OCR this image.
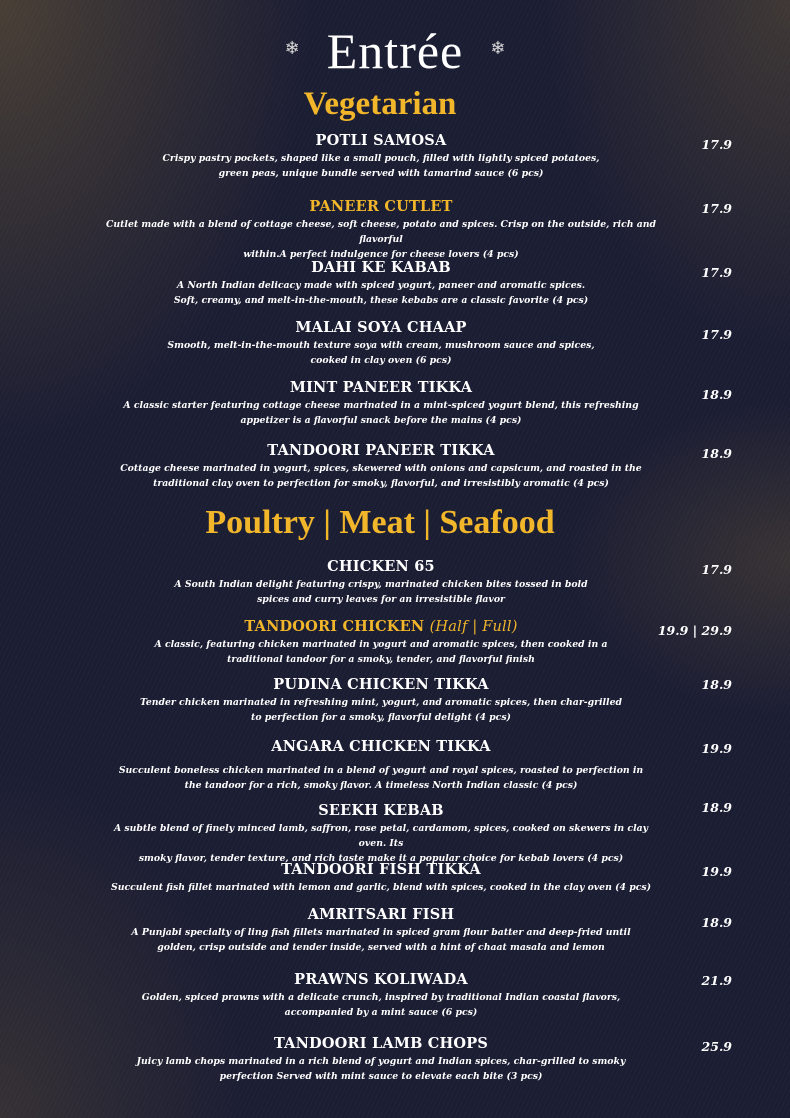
❄ Entrée ❄
Vegetarian
POTLI SAMOSA
Crispy pastry pockets, shaped like a small pouch, filled with lightly spiced potatoes,
green peas, unique bundle served with tamarind sauce (6 pcs)
17.9
PANEER CUTLET
Cutlet made with a blend of cottage cheese, soft cheese, potato and spices. Crisp on the outside, rich and flavorful
within.A perfect indulgence for cheese lovers (4 pcs)
17.9
DAHI KE KABAB
A North Indian delicacy made with spiced yogurt, paneer and aromatic spices.
Soft, creamy, and melt-in-the-mouth, these kebabs are a classic favorite (4 pcs)
17.9
MALAI SOYA CHAAP
Smooth, melt-in-the-mouth texture soya with cream, mushroom sauce and spices,
cooked in clay oven (6 pcs)
17.9
MINT PANEER TIKKA
A classic starter featuring cottage cheese marinated in a mint-spiced yogurt blend, this refreshing
appetizer is a flavorful snack before the mains (4 pcs)
18.9
TANDOORI PANEER TIKKA
Cottage cheese marinated in yogurt, spices, skewered with onions and capsicum, and roasted in the
traditional clay oven to perfection for smoky, flavorful, and irresistibly aromatic (4 pcs)
18.9
Poultry | Meat | Seafood
CHICKEN 65
A South Indian delight featuring crispy, marinated chicken bites tossed in bold
spices and curry leaves for an irresistible flavor
17.9
TANDOORI CHICKEN (Half | Full)
A classic, featuring chicken marinated in yogurt and aromatic spices, then cooked in a
traditional tandoor for a smoky, tender, and flavorful finish
19.9 | 29.9
PUDINA CHICKEN TIKKA
Tender chicken marinated in refreshing mint, yogurt, and aromatic spices, then char-grilled
to perfection for a smoky, flavorful delight (4 pcs)
18.9
ANGARA CHICKEN TIKKA
Succulent boneless chicken marinated in a blend of yogurt and royal spices, roasted to perfection in
the tandoor for a rich, smoky flavor. A timeless North Indian classic (4 pcs)
19.9
SEEKH KEBAB
A subtle blend of finely minced lamb, saffron, rose petal, cardamom, spices, cooked on skewers in clay oven. Its
smoky flavor, tender texture, and rich taste make it a popular choice for kebab lovers (4 pcs)
18.9
TANDOORI FISH TIKKA
Succulent fish fillet marinated with lemon and garlic, blend with spices, cooked in the clay oven (4 pcs)
19.9
AMRITSARI FISH
A Punjabi specialty of ling fish fillets marinated in spiced gram flour batter and deep-fried until
golden, crisp outside and tender inside, served with a hint of chaat masala and lemon
18.9
PRAWNS KOLIWADA
Golden, spiced prawns with a delicate crunch, inspired by traditional Indian coastal flavors,
accompanied by a mint sauce (6 pcs)
21.9
TANDOORI LAMB CHOPS
Juicy lamb chops marinated in a rich blend of yogurt and Indian spices, char-grilled to smoky
perfection Served with mint sauce to elevate each bite (3 pcs)
25.9
